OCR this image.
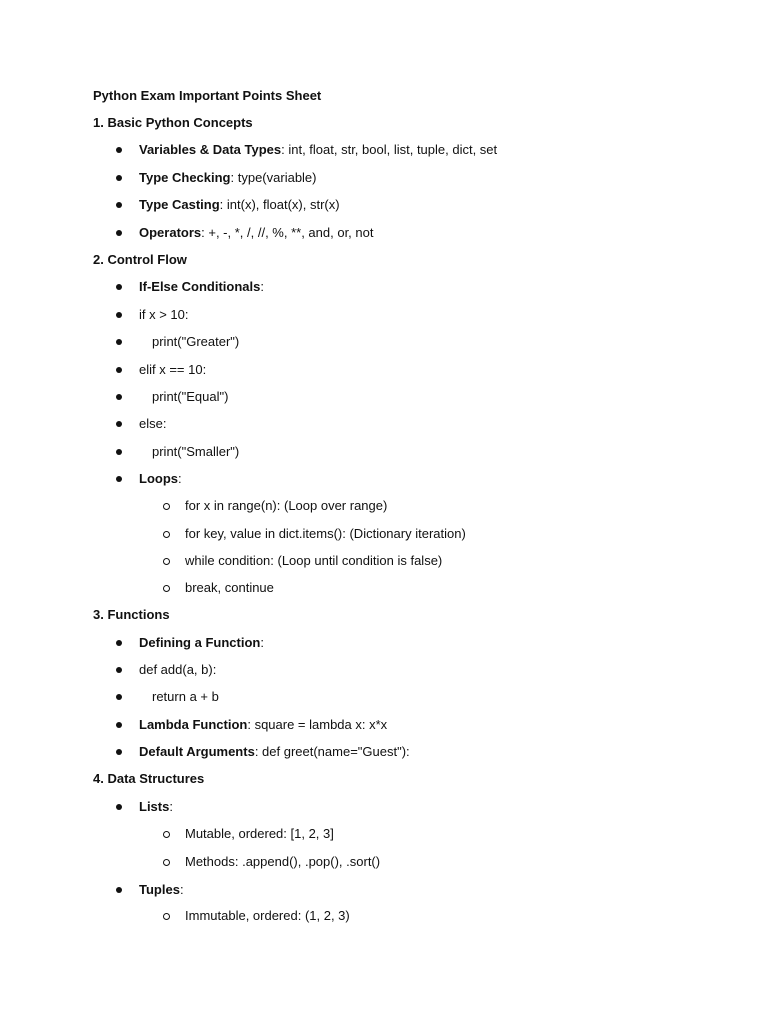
Python Exam Important Points Sheet
1. Basic Python Concepts
Variables & Data Types: int, float, str, bool, list, tuple, dict, set
Type Checking: type(variable)
Type Casting: int(x), float(x), str(x)
Operators: +, -, *, /, //, %, **, and, or, not
2. Control Flow
If-Else Conditionals:
if x > 10:
print("Greater")
elif x == 10:
print("Equal")
else:
print("Smaller")
Loops:
for x in range(n): (Loop over range)
for key, value in dict.items(): (Dictionary iteration)
while condition: (Loop until condition is false)
break, continue
3. Functions
Defining a Function:
def add(a, b):
return a + b
Lambda Function: square = lambda x: x*x
Default Arguments: def greet(name="Guest"):
4. Data Structures
Lists:
Mutable, ordered: [1, 2, 3]
Methods: .append(), .pop(), .sort()
Tuples:
Immutable, ordered: (1, 2, 3)
